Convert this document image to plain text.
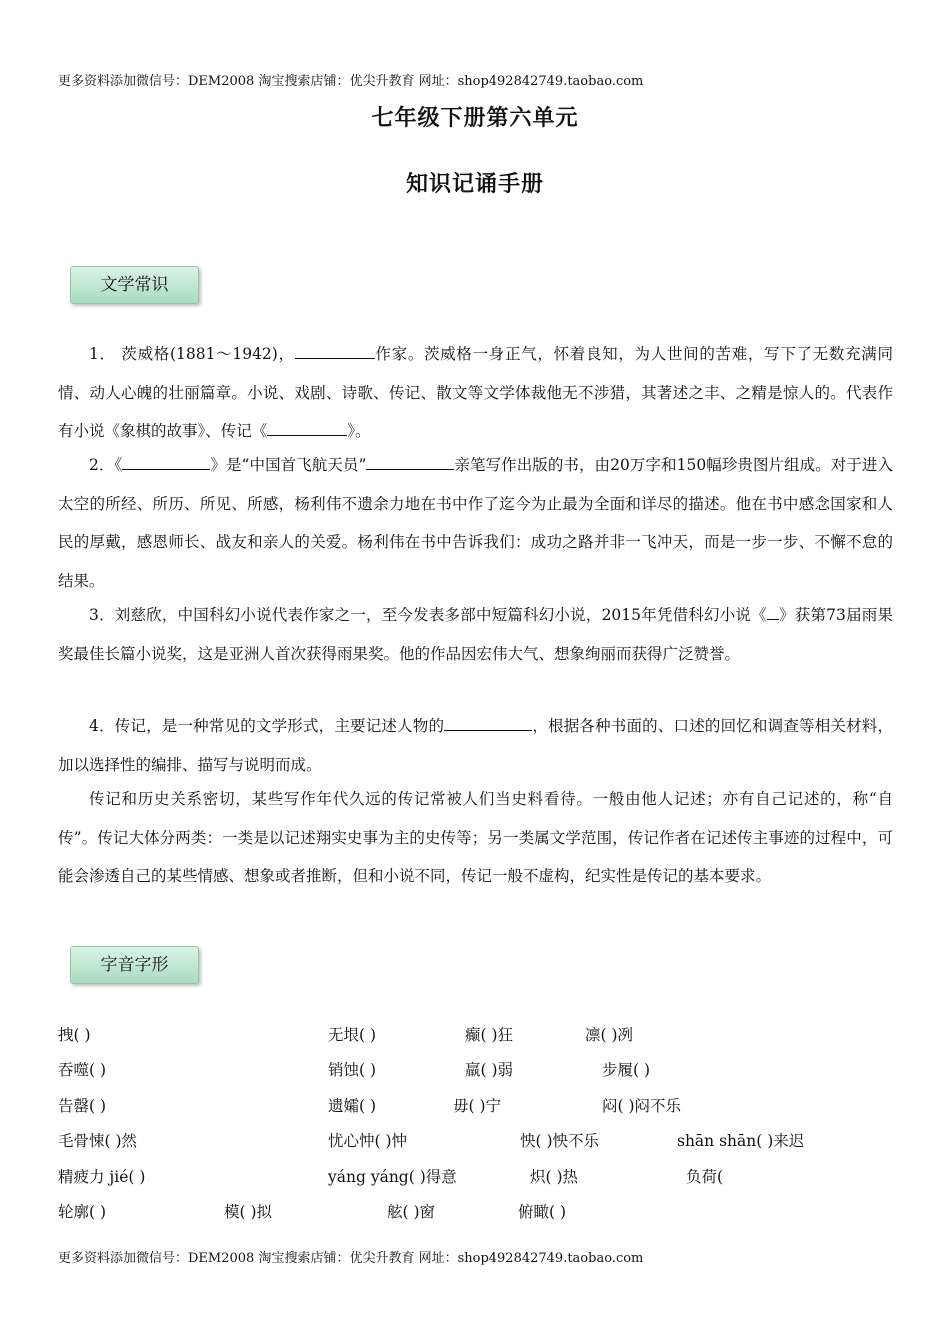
更多资料添加微信号：DEM2008 淘宝搜索店铺：优尖升教育 网址：shop492842749.taobao.com
七年级下册第六单元
知识记诵手册
文学常识

1． 茨威格(1881～1942)，	作家。茨威格一身正气，怀着良知，为人世间的苦难，写下了无数充满同情、动人心魄的壮丽篇章。小说、戏剧、诗歌、传记、散文等文学体裁他无不涉猎，其著述之丰、之精是惊人的。代表作有小说《象棋的故事》、传记《	》。

2．《	》是“中国首飞航天员”	亲笔写作出版的书，由20万字和150幅珍贵图片组成。对于进入太空的所经、所历、所见、所感，杨利伟不遗余力地在书中作了迄今为止最为全面和详尽的描述。他在书中感念国家和人民的厚戴，感恩师长、战友和亲人的关爱。杨利伟在书中告诉我们：成功之路并非一飞冲天，而是一步一步、不懈不怠的结果。

3．刘慈欣，中国科幻小说代表作家之一，至今发表多部中短篇科幻小说，2015年凭借科幻小说《 》获第73届雨果奖最佳长篇小说奖，这是亚洲人首次获得雨果奖。他的作品因宏伟大气、想象绚丽而获得广泛赞誉。

4．传记，是一种常见的文学形式，主要记述人物的	，根据各种书面的、口述的回忆和调查等相关材料，加以选择性的编排、描写与说明而成。

传记和历史关系密切，某些写作年代久远的传记常被人们当史料看待。一般由他人记述；亦有自己记述的，称“自传”。传记大体分两类：一类是以记述翔实史事为主的史传等；另一类属文学范围，传记作者在记述传主事迹的过程中，可能会渗透自己的某些情感、想象或者推断，但和小说不同，传记一般不虚构，纪实性是传记的基本要求。

字音字形
拽( )	无垠( )	癫( )狂	凛( )冽
吞噬( )	销蚀( )	羸( )弱	步履( )
告罄( )	遗孀( )	毋( )宁	闷( )闷不乐
毛骨悚( )然	忧心忡( )忡	怏( )怏不乐	shān shān( )来迟
精疲力 jié( )	yáng yáng( )得意	炽( )热	负荷(
轮廓( )	模( )拟	舷( )窗	俯瞰( )
更多资料添加微信号：DEM2008 淘宝搜索店铺：优尖升教育 网址：shop492842749.taobao.com
